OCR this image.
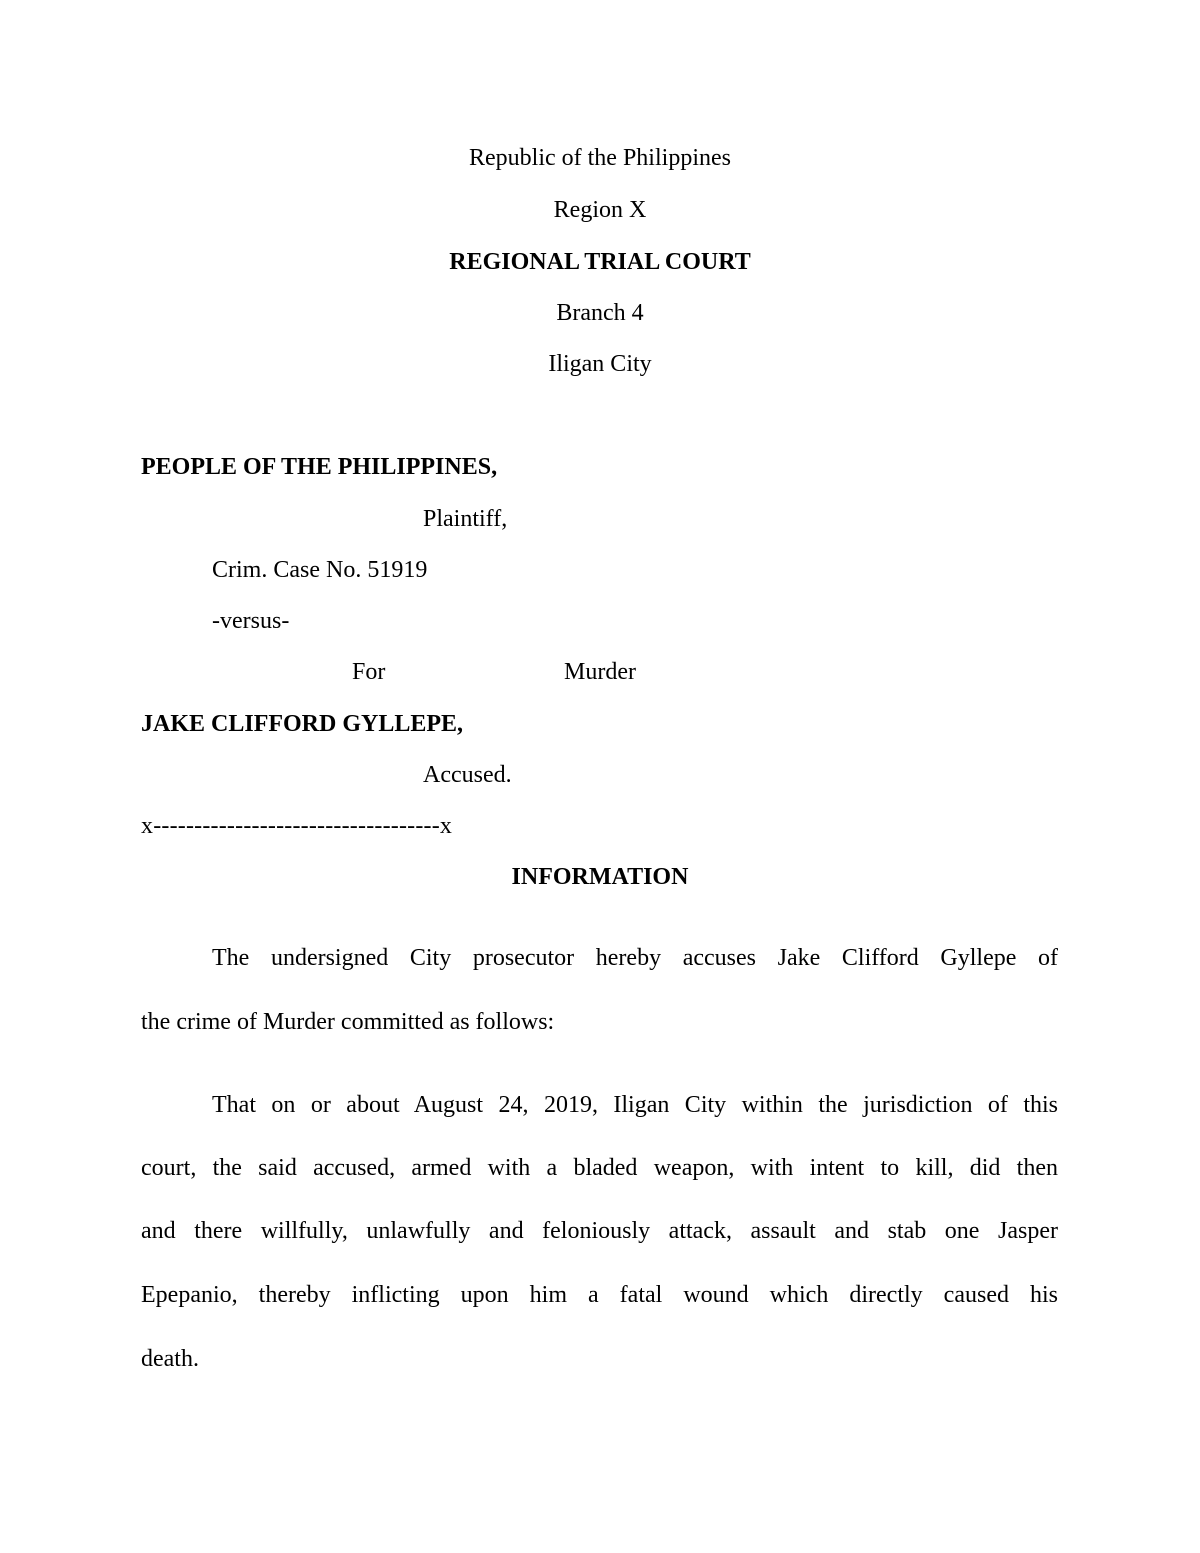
Republic of the Philippines
Region X
REGIONAL TRIAL COURT
Branch 4
Iligan City
PEOPLE OF THE PHILIPPINES,
Plaintiff,
Crim. Case No. 51919
-versus-
For	Murder
JAKE CLIFFORD GYLLEPE,
Accused.
x-----------------------------------x
INFORMATION
The undersigned City prosecutor hereby accuses Jake Clifford Gyllepe of
the crime of Murder committed as follows:
That on or about August 24, 2019, Iligan City within the jurisdiction of this
court, the said accused, armed with a bladed weapon, with intent to kill, did then
and there willfully, unlawfully and feloniously attack, assault and stab one Jasper
Epepanio, thereby inflicting upon him a fatal wound which directly caused his
death.
